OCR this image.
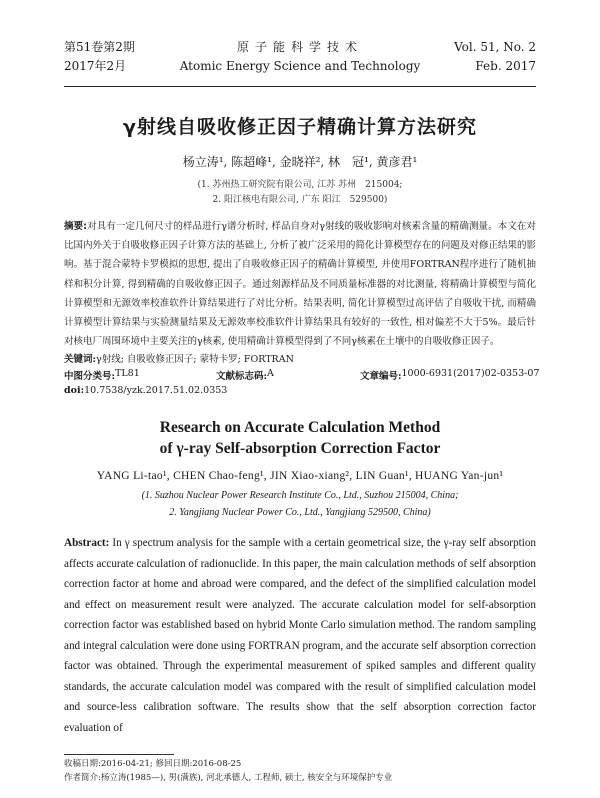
第51卷第2期
2017年2月
原子能科学技术
Atomic Energy Science and Technology
Vol. 51, No. 2
Feb. 2017
γ射线自吸收修正因子精确计算方法研究
杨立涛¹, 陈超峰¹, 金晓祥², 林　冠¹, 黄彦君¹
(1. 苏州热工研究院有限公司, 江苏 苏州　215004;
2. 阳江核电有限公司, 广东 阳江　529500)
摘要:对具有一定几何尺寸的样品进行γ谱分析时, 样品自身对γ射线的吸收影响对核素含量的精确测量。本文在对比国内外关于自吸收修正因子计算方法的基础上, 分析了被广泛采用的简化计算模型存在的问题及对修正结果的影响。基于混合蒙特卡罗模拟的思想, 提出了自吸收修正因子的精确计算模型, 并使用FORTRAN程序进行了随机抽样和积分计算, 得到精确的自吸收修正因子。通过刻源样品及不同质量标准器的对比测量, 将精确计算模型与简化计算模型和无源效率校准软件计算结果进行了对比分析。结果表明, 简化计算模型过高评估了自吸收干扰, 而精确计算模型计算结果与实验测量结果及无源效率校准软件计算结果具有较好的一致性, 相对偏差不大于5%。最后针对核电厂周围环境中主要关注的γ核素, 使用精确计算模型得到了不同γ核素在土壤中的自吸收修正因子。
关键词:γ射线; 自吸收修正因子; 蒙特卡罗; FORTRAN
中图分类号: TL81	文献标志码: A	文章编号: 1000-6931(2017)02-0353-07
doi:10.7538/yzk.2017.51.02.0353
Research on Accurate Calculation Method
of γ-ray Self-absorption Correction Factor
YANG Li-tao¹, CHEN Chao-feng¹, JIN Xiao-xiang², LIN Guan¹, HUANG Yan-jun¹
(1. Suzhou Nuclear Power Research Institute Co., Ltd., Suzhou 215004, China;
2. Yangjiang Nuclear Power Co., Ltd., Yangjiang 529500, China)
Abstract: In γ spectrum analysis for the sample with a certain geometrical size, the γ-ray self absorption affects accurate calculation of radionuclide. In this paper, the main calculation methods of self absorption correction factor at home and abroad were compared, and the defect of the simplified calculation model and effect on measurement result were analyzed. The accurate calculation model for self-absorption correction factor was established based on hybrid Monte Carlo simulation method. The random sampling and integral calculation were done using FORTRAN program, and the accurate self absorption correction factor was obtained. Through the experimental measurement of spiked samples and different quality standards, the accurate calculation model was compared with the result of simplified calculation model and source-less calibration software. The results show that the self absorption correction factor evaluation of
收稿日期:2016-04-21; 修回日期:2016-08-25
作者简介:杨立涛(1985—), 男(满族), 河北承德人, 工程师, 硕士, 核安全与环境保护专业
